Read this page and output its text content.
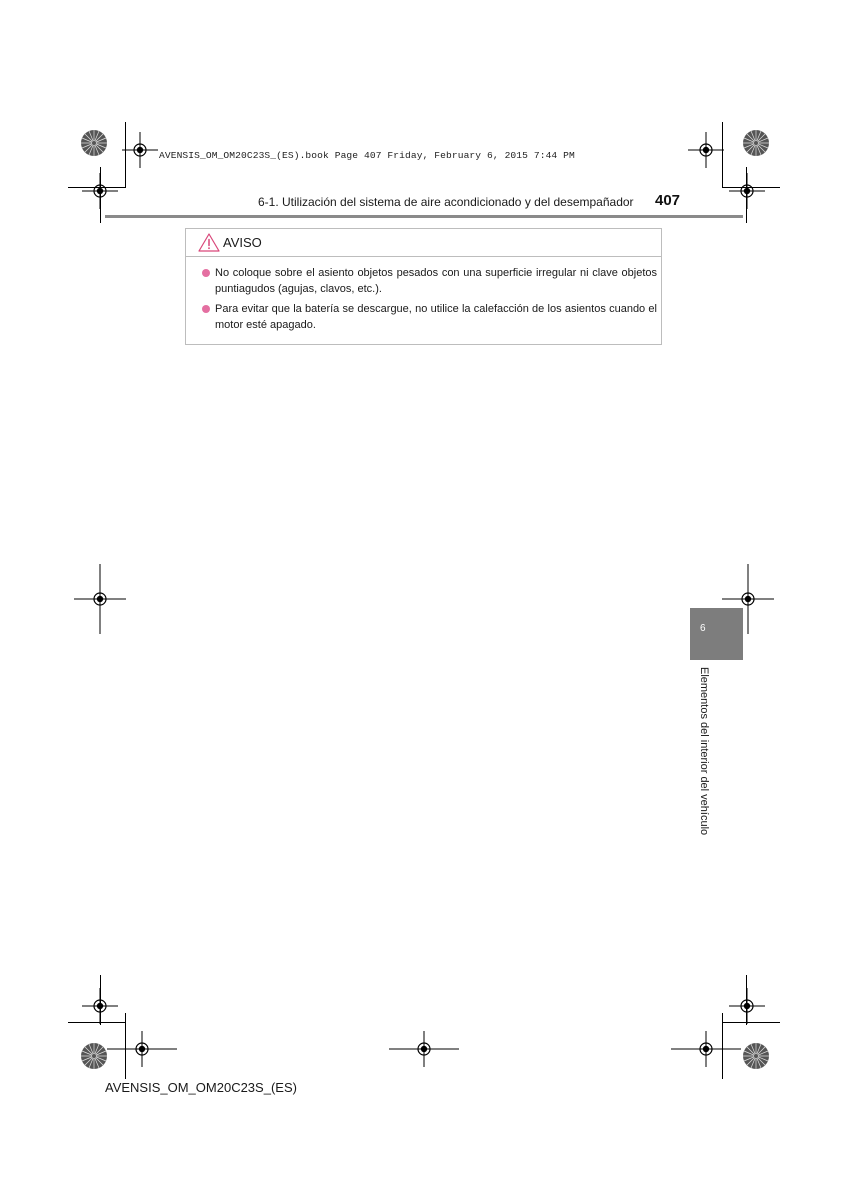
AVENSIS_OM_OM20C23S_(ES).book Page 407 Friday, February 6, 2015 7:44 PM
6-1. Utilización del sistema de aire acondicionado y del desempañador 407
AVISO
No coloque sobre el asiento objetos pesados con una superficie irregular ni clave objetos puntiagudos (agujas, clavos, etc.).
Para evitar que la batería se descargue, no utilice la calefacción de los asientos cuando el motor esté apagado.
6
Elementos del interior del vehículo
AVENSIS_OM_OM20C23S_(ES)
